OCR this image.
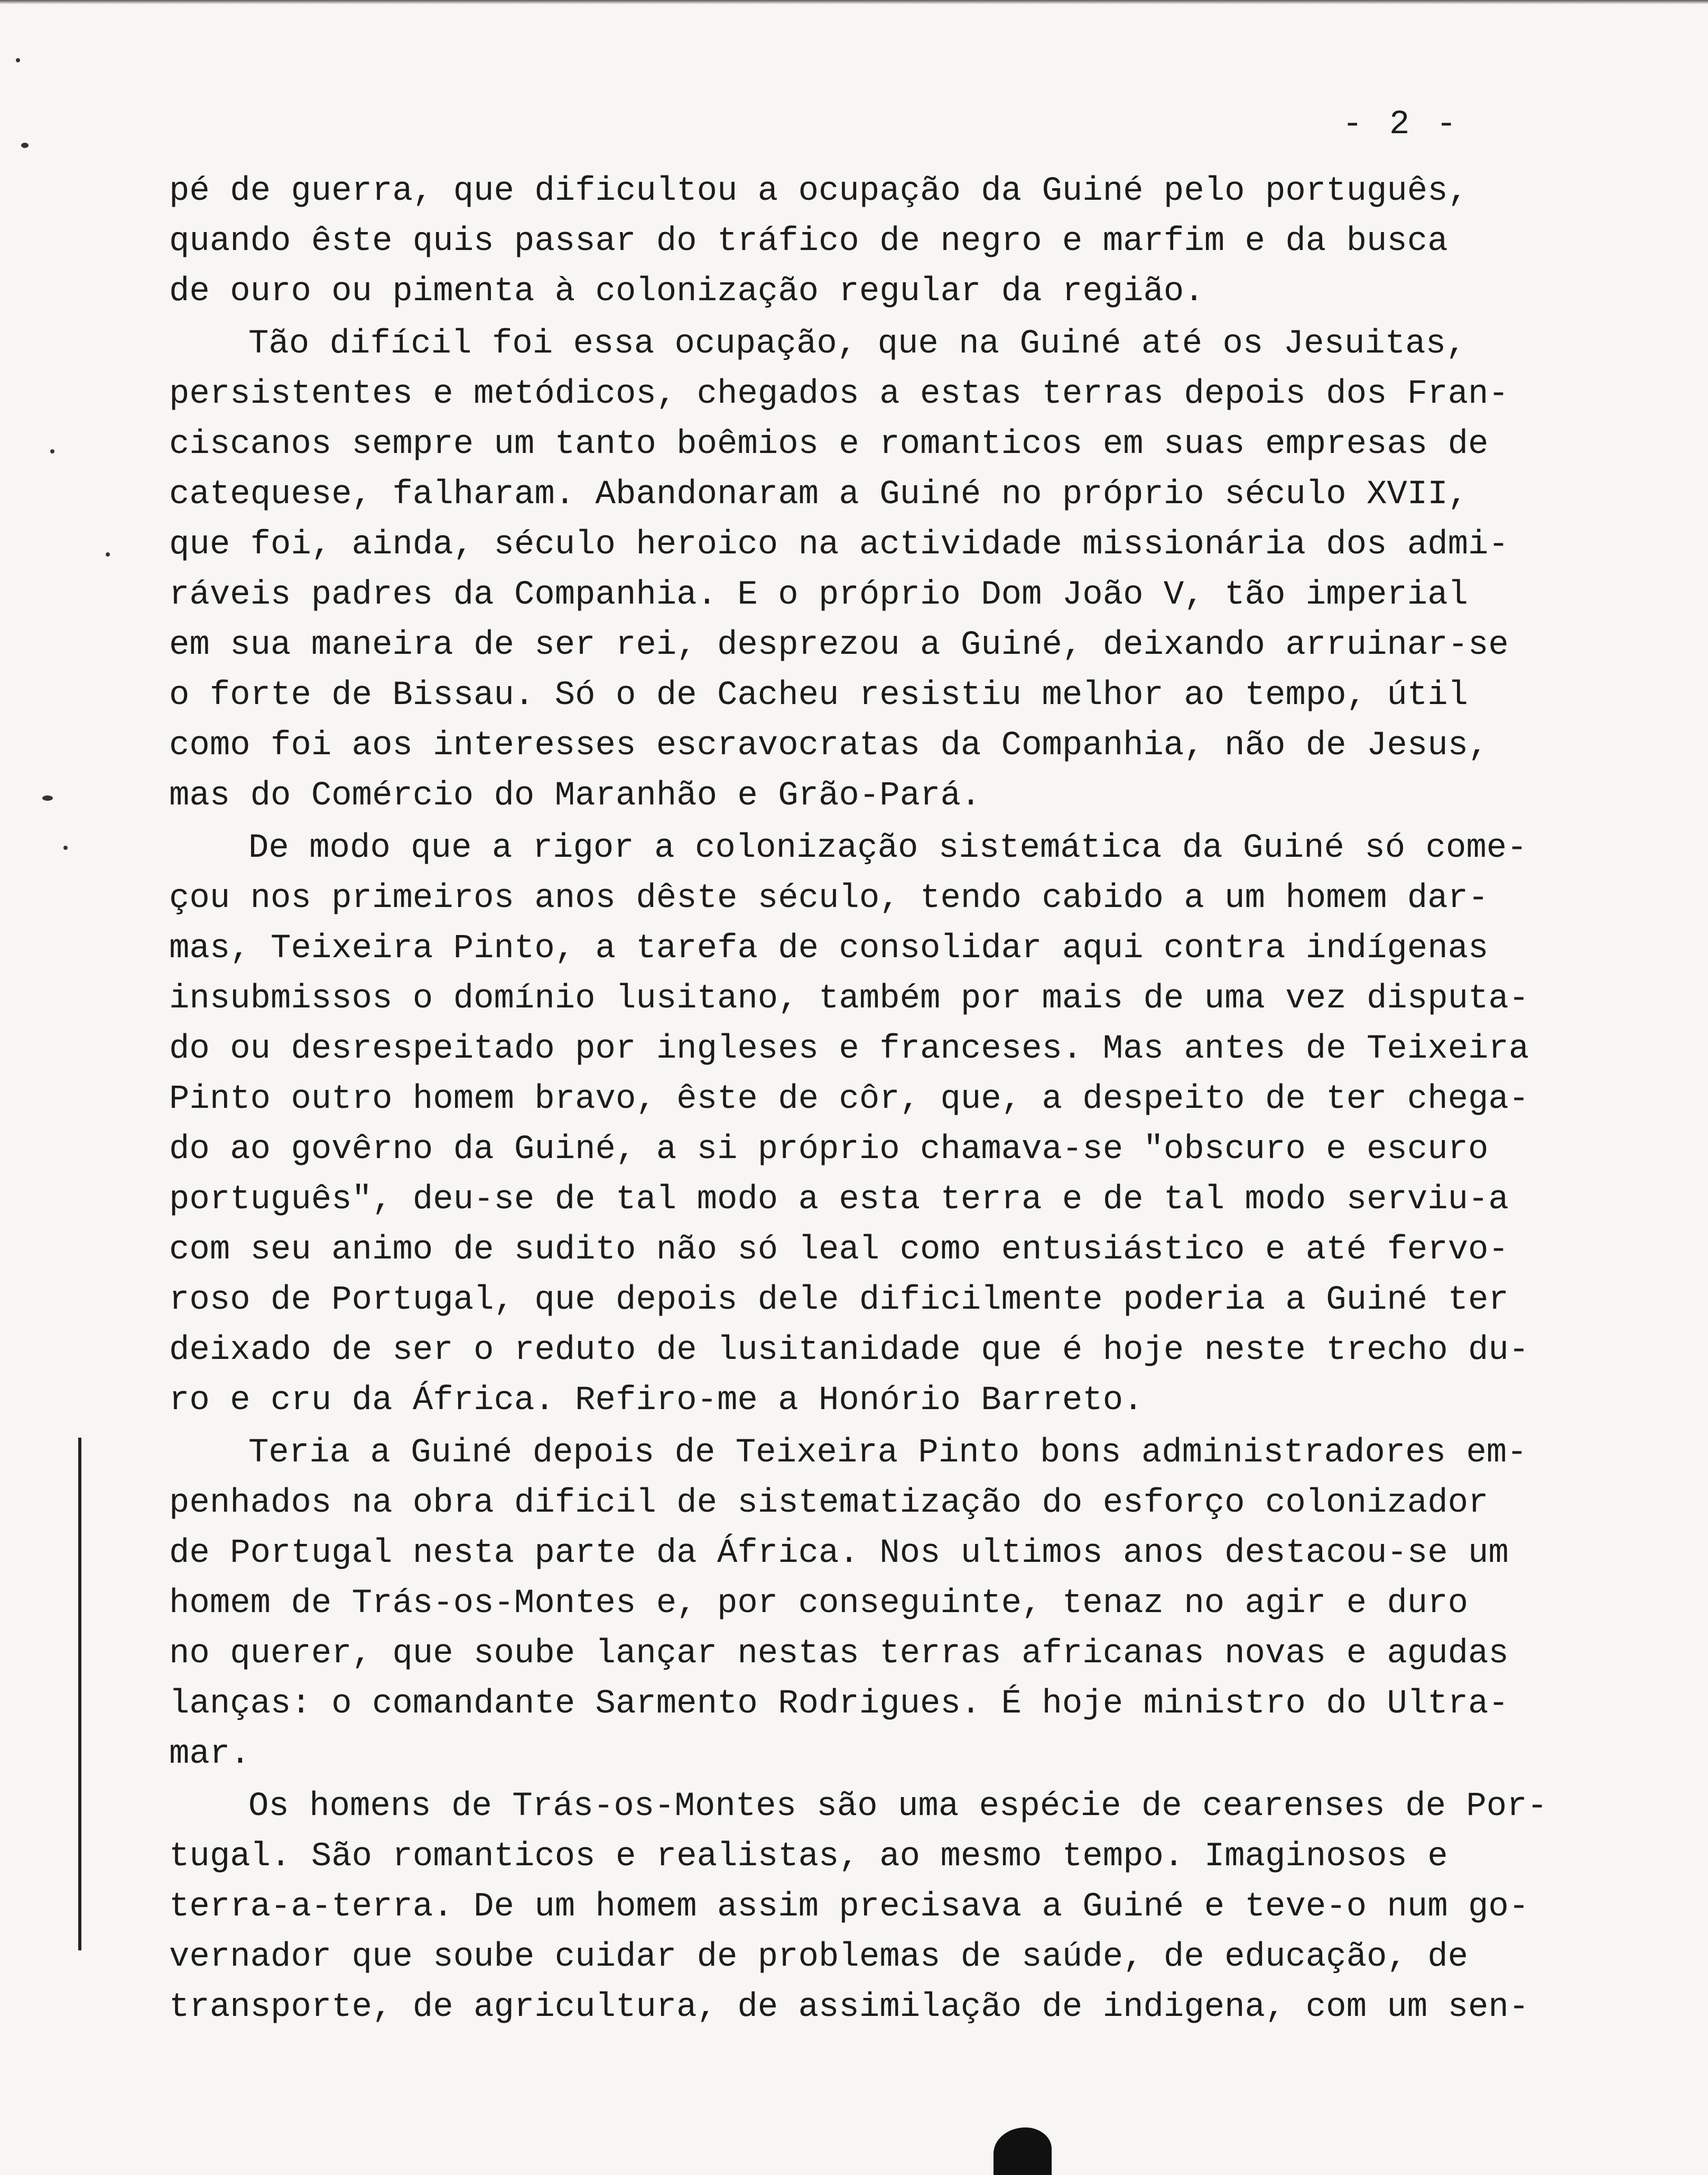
- 2 -
pé de guerra, que dificultou a ocupação da Guiné pelo português,
quando êste quis passar do tráfico de negro e marfim e da busca
de ouro ou pimenta à colonização regular da região.
Tão difícil foi essa ocupação, que na Guiné até os Jesuitas,
persistentes e metódicos, chegados a estas terras depois dos Fran-
ciscanos sempre um tanto boêmios e romanticos em suas empresas de
catequese, falharam. Abandonaram a Guiné no próprio século XVII,
que foi, ainda, século heroico na actividade missionária dos admi-
ráveis padres da Companhia. E o próprio Dom João V, tão imperial
em sua maneira de ser rei, desprezou a Guiné, deixando arruinar-se
o forte de Bissau. Só o de Cacheu resistiu melhor ao tempo, útil
como foi aos interesses escravocratas da Companhia, não de Jesus,
mas do Comércio do Maranhão e Grão-Pará.
De modo que a rigor a colonização sistemática da Guiné só come-
çou nos primeiros anos dêste século, tendo cabido a um homem dar-
mas, Teixeira Pinto, a tarefa de consolidar aqui contra indígenas
insubmissos o domínio lusitano, também por mais de uma vez disputa-
do ou desrespeitado por ingleses e franceses. Mas antes de Teixeira
Pinto outro homem bravo, êste de côr, que, a despeito de ter chega-
do ao govêrno da Guiné, a si próprio chamava-se "obscuro e escuro
português", deu-se de tal modo a esta terra e de tal modo serviu-a
com seu animo de sudito não só leal como entusiástico e até fervo-
roso de Portugal, que depois dele dificilmente poderia a Guiné ter
deixado de ser o reduto de lusitanidade que é hoje neste trecho du-
ro e cru da África. Refiro-me a Honório Barreto.
Teria a Guiné depois de Teixeira Pinto bons administradores em-
penhados na obra dificil de sistematização do esforço colonizador
de Portugal nesta parte da África. Nos ultimos anos destacou-se um
homem de Trás-os-Montes e, por conseguinte, tenaz no agir e duro
no querer, que soube lançar nestas terras africanas novas e agudas
lanças: o comandante Sarmento Rodrigues. É hoje ministro do Ultra-
mar.
Os homens de Trás-os-Montes são uma espécie de cearenses de Por-
tugal. São romanticos e realistas, ao mesmo tempo. Imaginosos e
terra-a-terra. De um homem assim precisava a Guiné e teve-o num go-
vernador que soube cuidar de problemas de saúde, de educação, de
transporte, de agricultura, de assimilação de indigena, com um sen-
